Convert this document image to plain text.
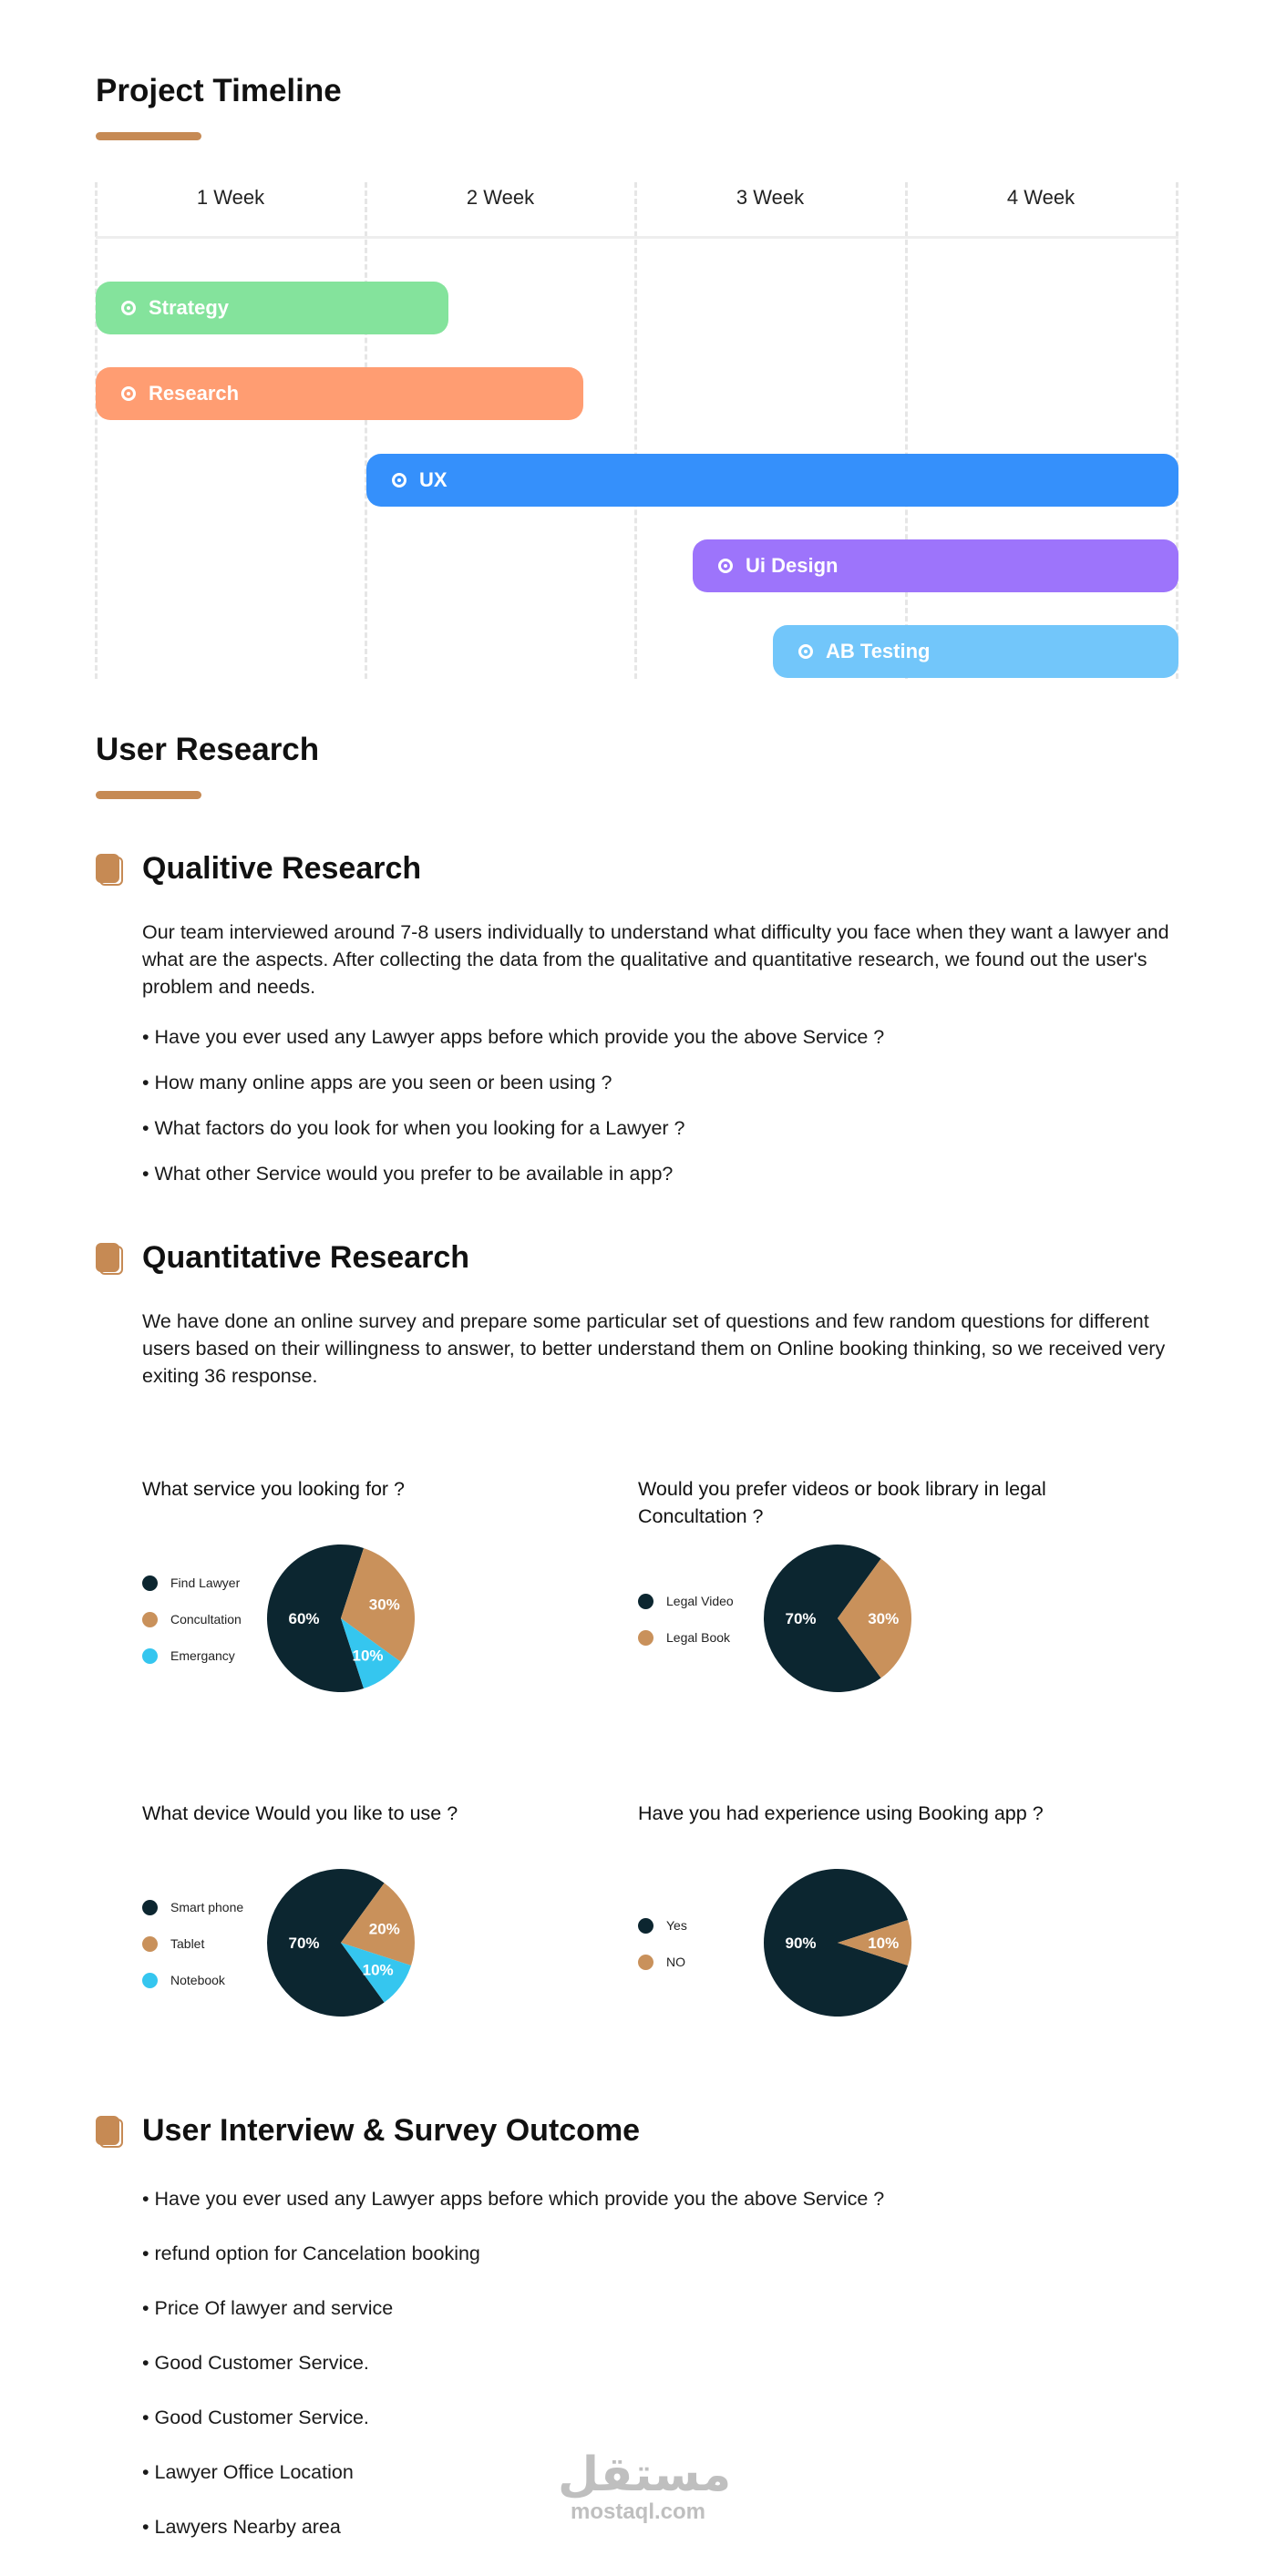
Project Timeline
1 Week	2 Week	3 Week	4 Week
Strategy
Research
UX
Ui Design
AB Testing
User Research
Qualitive Research
Our team interviewed around 7-8 users individually to understand what difficulty you face when they want a lawyer and what are the aspects. After collecting the data from the qualitative and quantitative research, we found out the user's problem and needs.
• Have you ever used any Lawyer apps before which provide you the above Service ?
• How many online apps are you seen or been using ?
• What factors do you look for when you looking for a Lawyer ?
• What other Service would you prefer to be available in app?
Quantitative Research
We have done an online survey and prepare some particular set of questions and few random questions for different users based on their willingness to answer, to better understand them on Online booking thinking, so we received very exiting 36 response.
What service you looking for ?
Find Lawyer
Concultation
Emergancy
60%
30%
10%
Would you prefer videos or book library in legal Concultation ?
Legal Video
Legal Book
70%	30%
What device Would you like to use ?
Smart phone
Tablet
Notebook
70%
20%
10%
Have you had experience using Booking app ?
Yes
NO
90%	10%
User Interview & Survey Outcome
• Have you ever used any Lawyer apps before which provide you the above Service ?
• refund option for Cancelation booking
• Price Of lawyer and service
• Good Customer Service.
• Good Customer Service.
• Lawyer Office Location
• Lawyers Nearby area
مستقل
mostaql.com
